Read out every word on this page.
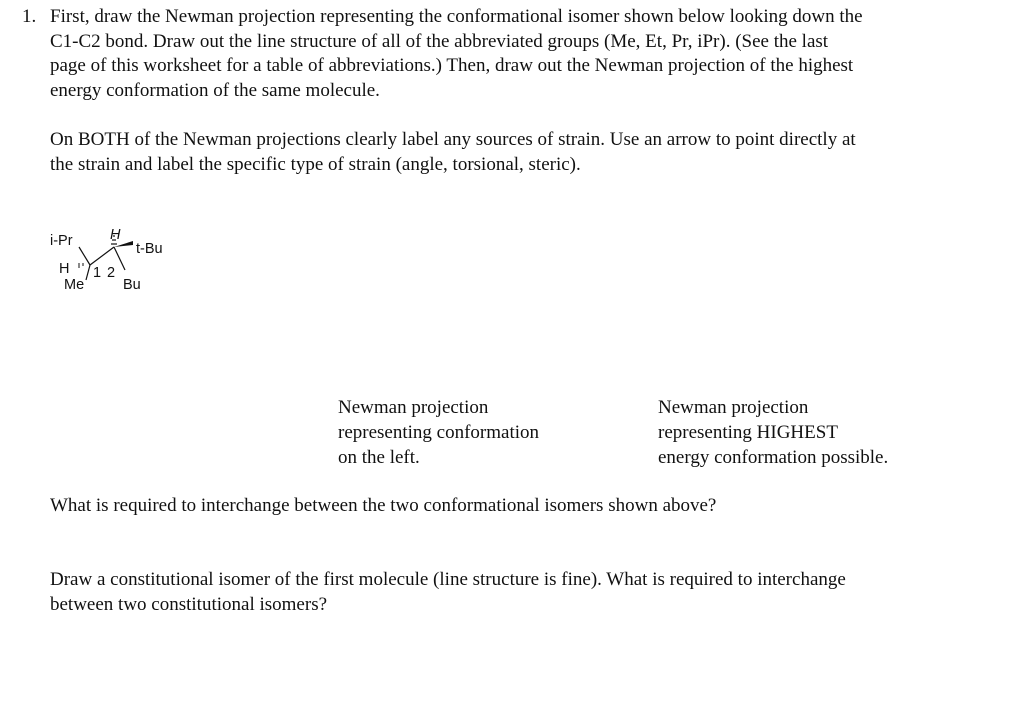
1. First, draw the Newman projection representing the conformational isomer shown below looking down the
C1-C2 bond. Draw out the line structure of all of the abbreviated groups (Me, Et, Pr, iPr). (See the last
page of this worksheet for a table of abbreviations.) Then, draw out the Newman projection of the highest
energy conformation of the same molecule.
On BOTH of the Newman projections clearly label any sources of strain. Use an arrow to point directly at
the strain and label the specific type of strain (angle, torsional, steric).
i-Pr	H
t-Bu
H 1 2
Me	Bu
Newman projection
representing conformation
on the left.
Newman projection
representing HIGHEST
energy conformation possible.
What is required to interchange between the two conformational isomers shown above?
Draw a constitutional isomer of the first molecule (line structure is fine). What is required to interchange
between two constitutional isomers?
